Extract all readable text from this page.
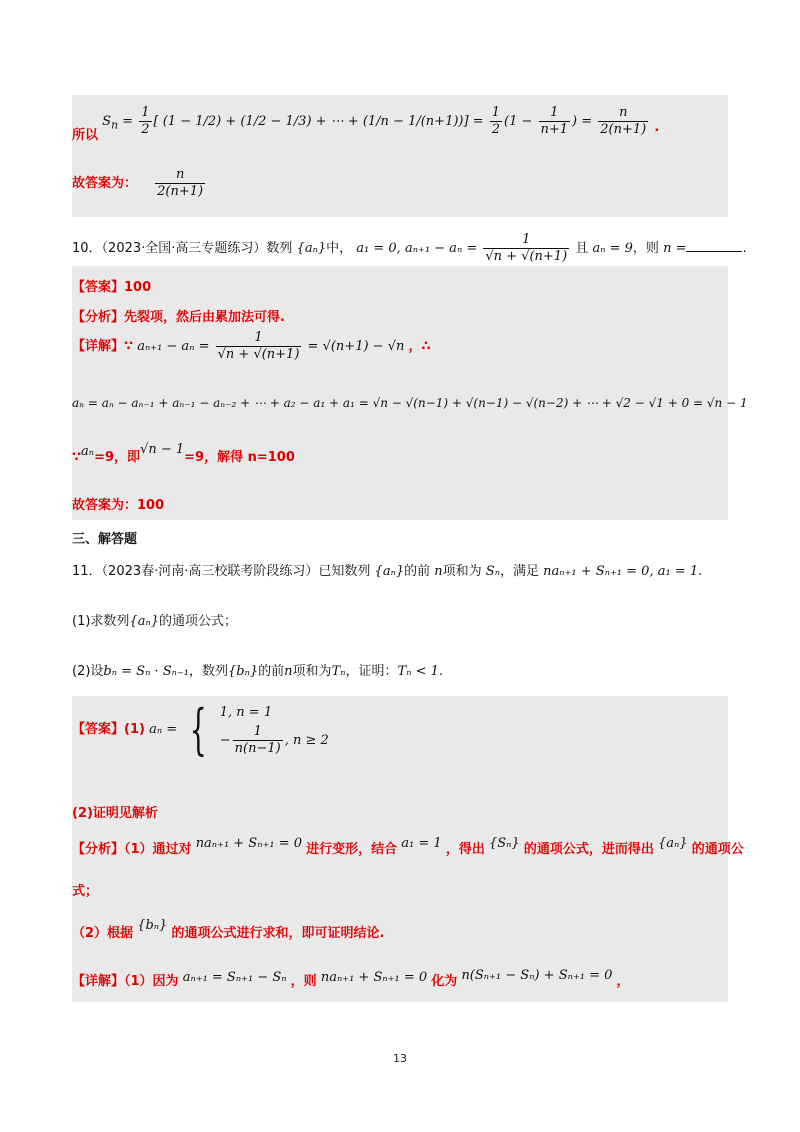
所以 $S_n = \frac{1}{2}$ [ (1 − 1/2) + (1/2 − 1/3) + ⋯ + $(1/n - 1/(n+1))] = \frac{1}{2} (1 - \frac{1}{n+1}$ ) = $\frac{n}{2(n+1)}$ .
故答案为： $\frac{n}{2(n+1)}$
10．（2023·全国·高三专题练习）数列 {aₙ}中， a₁ = 0, $a_{n+1} - a_n = \frac{1}{√n + √(n+1)}$ 且 aₙ = 9，则 n =	.
【答案】100
【分析】先裂项，然后由累加法可得.
【详解】∵ $a_{n+1} - a_n = \frac{1}{√n + √(n+1)} = √(n+1) - √n$ ，∴
aₙ = aₙ − aₙ₋₁ + aₙ₋₁ − aₙ₋₂ + ⋯ + a₂ − a₁ + a₁ = √n − √(n−1) + √(n−1) − √(n−2) + ⋯ + √2 − √1 + 0 = √n − 1
∵aₙ=9，即√n − 1=9，解得 n=100
故答案为：100
三、解答题
11．（2023春·河南·高三校联考阶段练习）已知数列 {aₙ}的前 n项和为 Sₙ，满足 naₙ₊₁ + Sₙ₊₁ = 0, a₁ = 1.
(1)求数列{aₙ}的通项公式；
(2)设bₙ = Sₙ · Sₙ₋₁，数列{bₙ}的前n项和为Tₙ，证明：Tₙ < 1.
【答案】(1) aₙ = { 1, n = 1
− $\frac{1}{n(n-1)}$ , n ≥ 2
(2)证明见解析
【分析】（1）通过对 naₙ₊₁ + Sₙ₊₁ = 0 进行变形，结合 a₁ = 1 ，得出 {Sₙ} 的通项公式，进而得出 {aₙ} 的通项公
式；
（2）根据 {bₙ} 的通项公式进行求和，即可证明结论.
【详解】（1）因为 aₙ₊₁ = Sₙ₊₁ − Sₙ ，则 naₙ₊₁ + Sₙ₊₁ = 0 化为 n(Sₙ₊₁ − Sₙ) + Sₙ₊₁ = 0 ，
13
